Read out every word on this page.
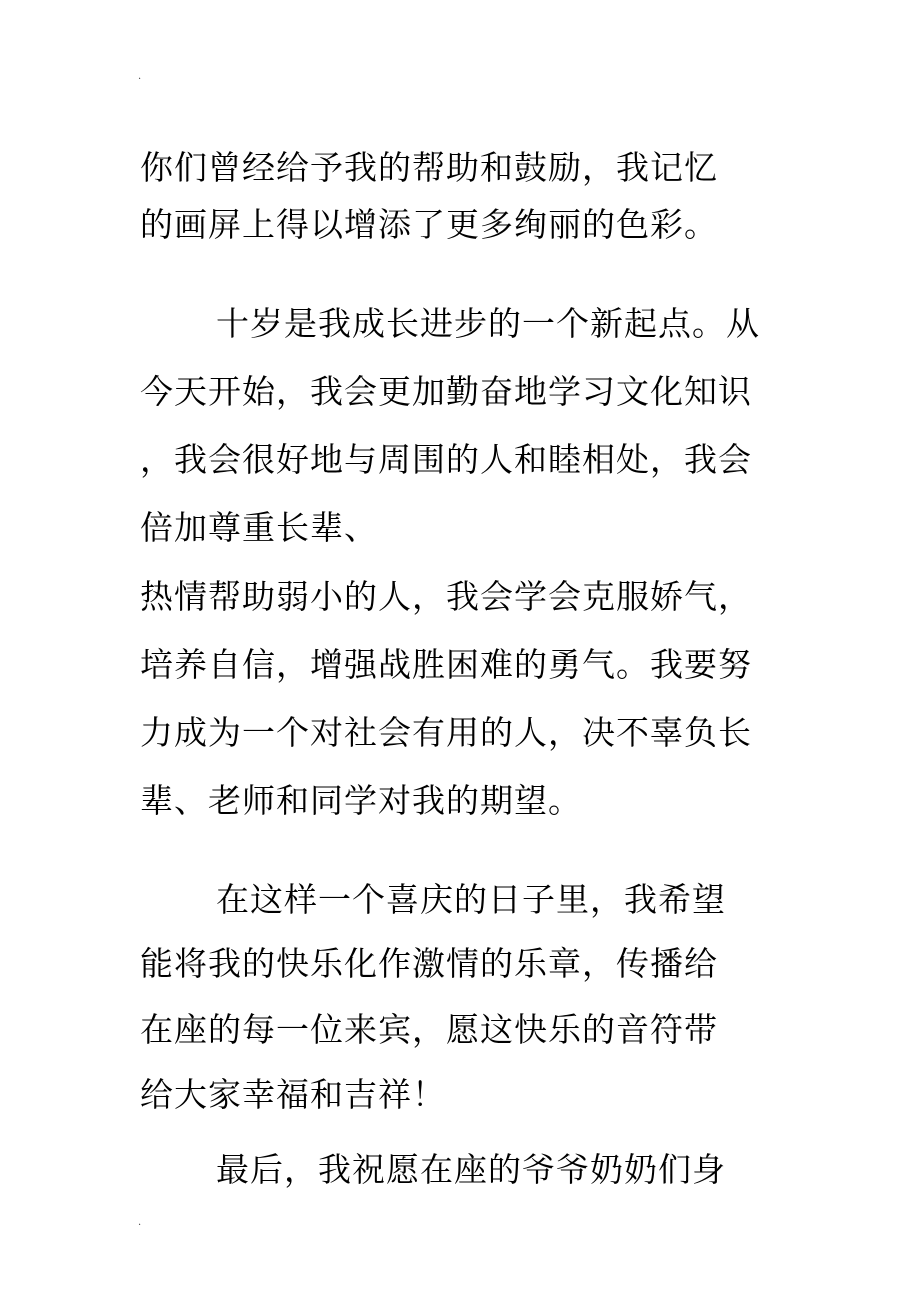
.
你们曾经给予我的帮助和鼓励，我记忆
的画屏上得以增添了更多绚丽的色彩。
十岁是我成长进步的一个新起点。从
今天开始，我会更加勤奋地学习文化知识
，我会很好地与周围的人和睦相处，我会
倍加尊重长辈、
热情帮助弱小的人，我会学会克服娇气，
培养自信，增强战胜困难的勇气。我要努
力成为一个对社会有用的人，决不辜负长
辈、老师和同学对我的期望。
在这样一个喜庆的日子里，我希望
能将我的快乐化作激情的乐章，传播给
在座的每一位来宾，愿这快乐的音符带
给大家幸福和吉祥！
最后，我祝愿在座的爷爷奶奶们身
.
